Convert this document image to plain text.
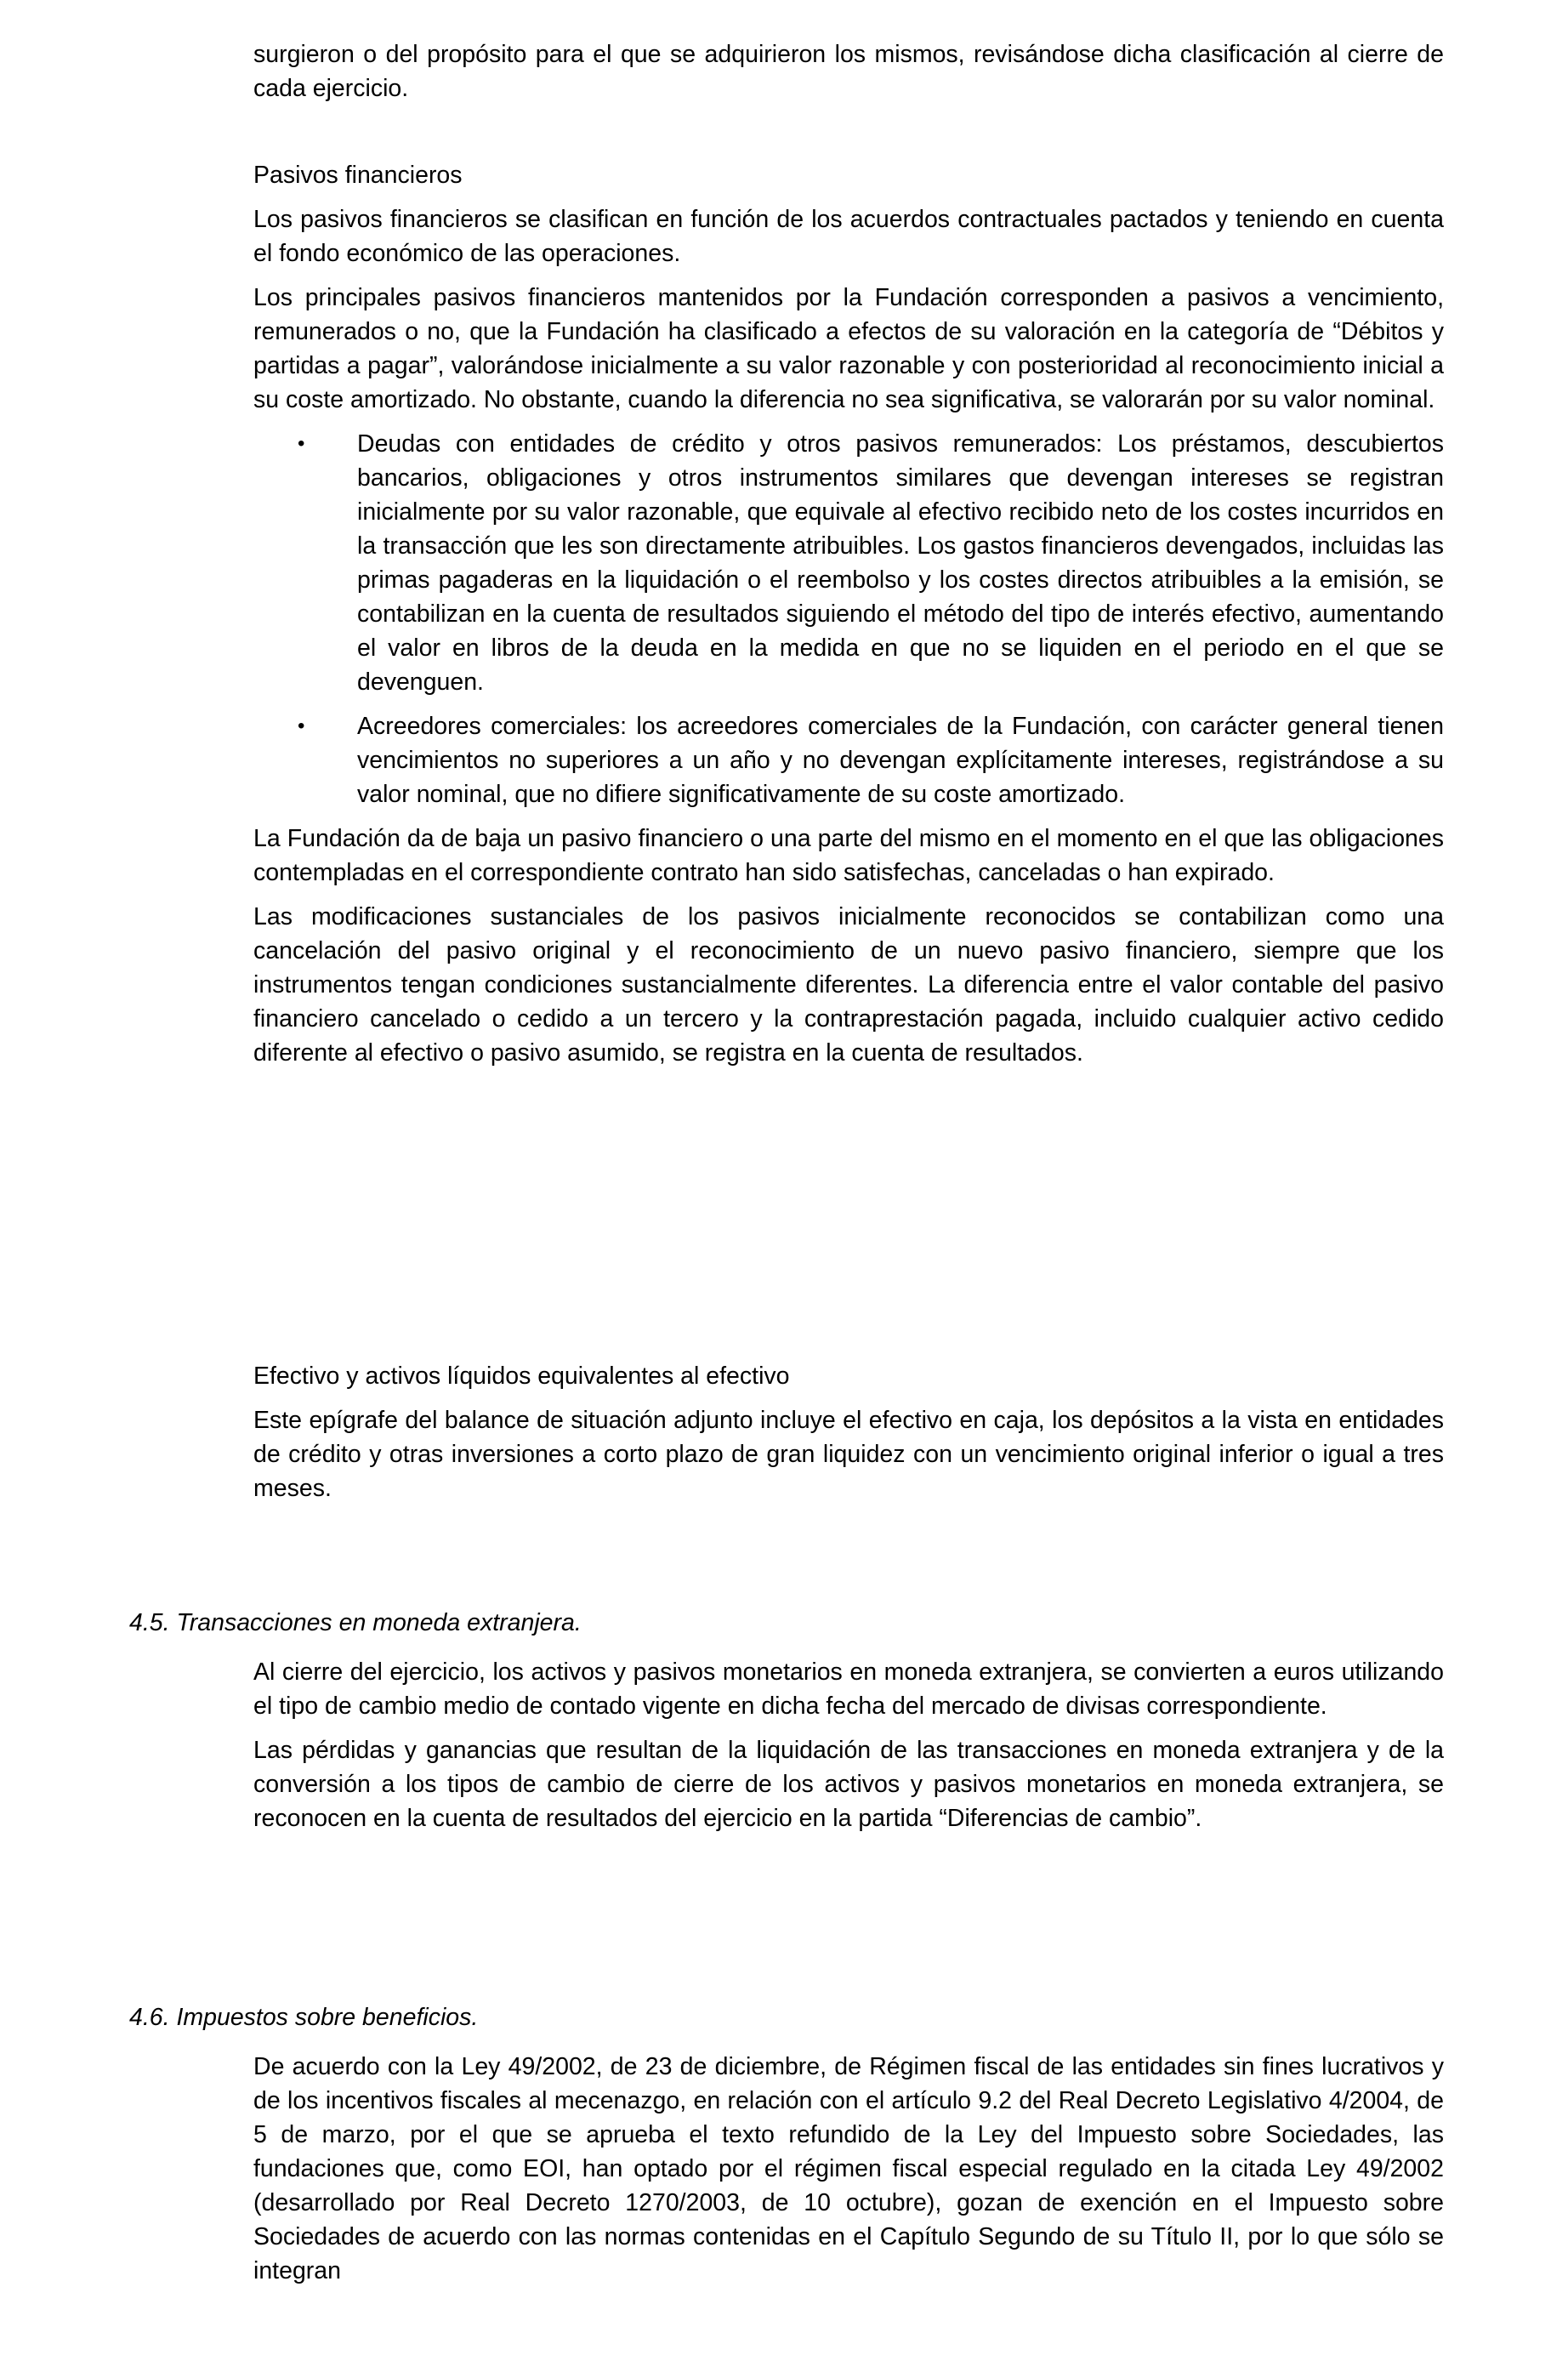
surgieron o del propósito para el que se adquirieron los mismos, revisándose dicha clasificación al cierre de cada ejercicio.

Pasivos financieros

Los pasivos financieros se clasifican en función de los acuerdos contractuales pactados y teniendo en cuenta el fondo económico de las operaciones.

Los principales pasivos financieros mantenidos por la Fundación corresponden a pasivos a vencimiento, remunerados o no, que la Fundación ha clasificado a efectos de su valoración en la categoría de “Débitos y partidas a pagar”, valorándose inicialmente a su valor razonable y con posterioridad al reconocimiento inicial a su coste amortizado. No obstante, cuando la diferencia no sea significativa, se valorarán por su valor nominal.

• Deudas con entidades de crédito y otros pasivos remunerados: Los préstamos, descubiertos bancarios, obligaciones y otros instrumentos similares que devengan intereses se registran inicialmente por su valor razonable, que equivale al efectivo recibido neto de los costes incurridos en la transacción que les son directamente atribuibles. Los gastos financieros devengados, incluidas las primas pagaderas en la liquidación o el reembolso y los costes directos atribuibles a la emisión, se contabilizan en la cuenta de resultados siguiendo el método del tipo de interés efectivo, aumentando el valor en libros de la deuda en la medida en que no se liquiden en el periodo en el que se devenguen.

• Acreedores comerciales: los acreedores comerciales de la Fundación, con carácter general tienen vencimientos no superiores a un año y no devengan explícitamente intereses, registrándose a su valor nominal, que no difiere significativamente de su coste amortizado.

La Fundación da de baja un pasivo financiero o una parte del mismo en el momento en el que las obligaciones contempladas en el correspondiente contrato han sido satisfechas, canceladas o han expirado.

Las modificaciones sustanciales de los pasivos inicialmente reconocidos se contabilizan como una cancelación del pasivo original y el reconocimiento de un nuevo pasivo financiero, siempre que los instrumentos tengan condiciones sustancialmente diferentes. La diferencia entre el valor contable del pasivo financiero cancelado o cedido a un tercero y la contraprestación pagada, incluido cualquier activo cedido diferente al efectivo o pasivo asumido, se registra en la cuenta de resultados.

Efectivo y activos líquidos equivalentes al efectivo

Este epígrafe del balance de situación adjunto incluye el efectivo en caja, los depósitos a la vista en entidades de crédito y otras inversiones a corto plazo de gran liquidez con un vencimiento original inferior o igual a tres meses.

4.5. Transacciones en moneda extranjera.

Al cierre del ejercicio, los activos y pasivos monetarios en moneda extranjera, se convierten a euros utilizando el tipo de cambio medio de contado vigente en dicha fecha del mercado de divisas correspondiente.

Las pérdidas y ganancias que resultan de la liquidación de las transacciones en moneda extranjera y de la conversión a los tipos de cambio de cierre de los activos y pasivos monetarios en moneda extranjera, se reconocen en la cuenta de resultados del ejercicio en la partida “Diferencias de cambio”.

4.6. Impuestos sobre beneficios.

De acuerdo con la Ley 49/2002, de 23 de diciembre, de Régimen fiscal de las entidades sin fines lucrativos y de los incentivos fiscales al mecenazgo, en relación con el artículo 9.2 del Real Decreto Legislativo 4/2004, de 5 de marzo, por el que se aprueba el texto refundido de la Ley del Impuesto sobre Sociedades, las fundaciones que, como EOI, han optado por el régimen fiscal especial regulado en la citada Ley 49/2002 (desarrollado por Real Decreto 1270/2003, de 10 octubre), gozan de exención en el Impuesto sobre Sociedades de acuerdo con las normas contenidas en el Capítulo Segundo de su Título II, por lo que sólo se integran
